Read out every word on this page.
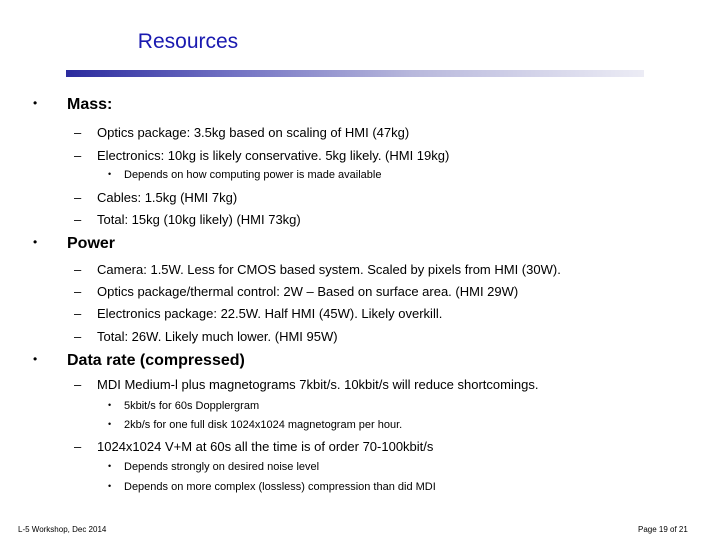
Resources
• Mass:
– Optics package: 3.5kg based on scaling of HMI (47kg)
– Electronics: 10kg is likely conservative. 5kg likely. (HMI 19kg)
• Depends on how computing power is made available
– Cables: 1.5kg (HMI 7kg)
– Total: 15kg (10kg likely) (HMI 73kg)
• Power
– Camera: 1.5W. Less for CMOS based system. Scaled by pixels from HMI (30W).
– Optics package/thermal control: 2W – Based on surface area. (HMI 29W)
– Electronics package: 22.5W. Half HMI (45W). Likely overkill.
– Total: 26W. Likely much lower. (HMI 95W)
• Data rate (compressed)
– MDI Medium-l plus magnetograms 7kbit/s. 10kbit/s will reduce shortcomings.
• 5kbit/s for 60s Dopplergram
• 2kb/s for one full disk 1024x1024 magnetogram per hour.
– 1024x1024 V+M at 60s all the time is of order 70-100kbit/s
• Depends strongly on desired noise level
• Depends on more complex (lossless) compression than did MDI
L-5 Workshop, Dec 2014	Page 19 of 21
